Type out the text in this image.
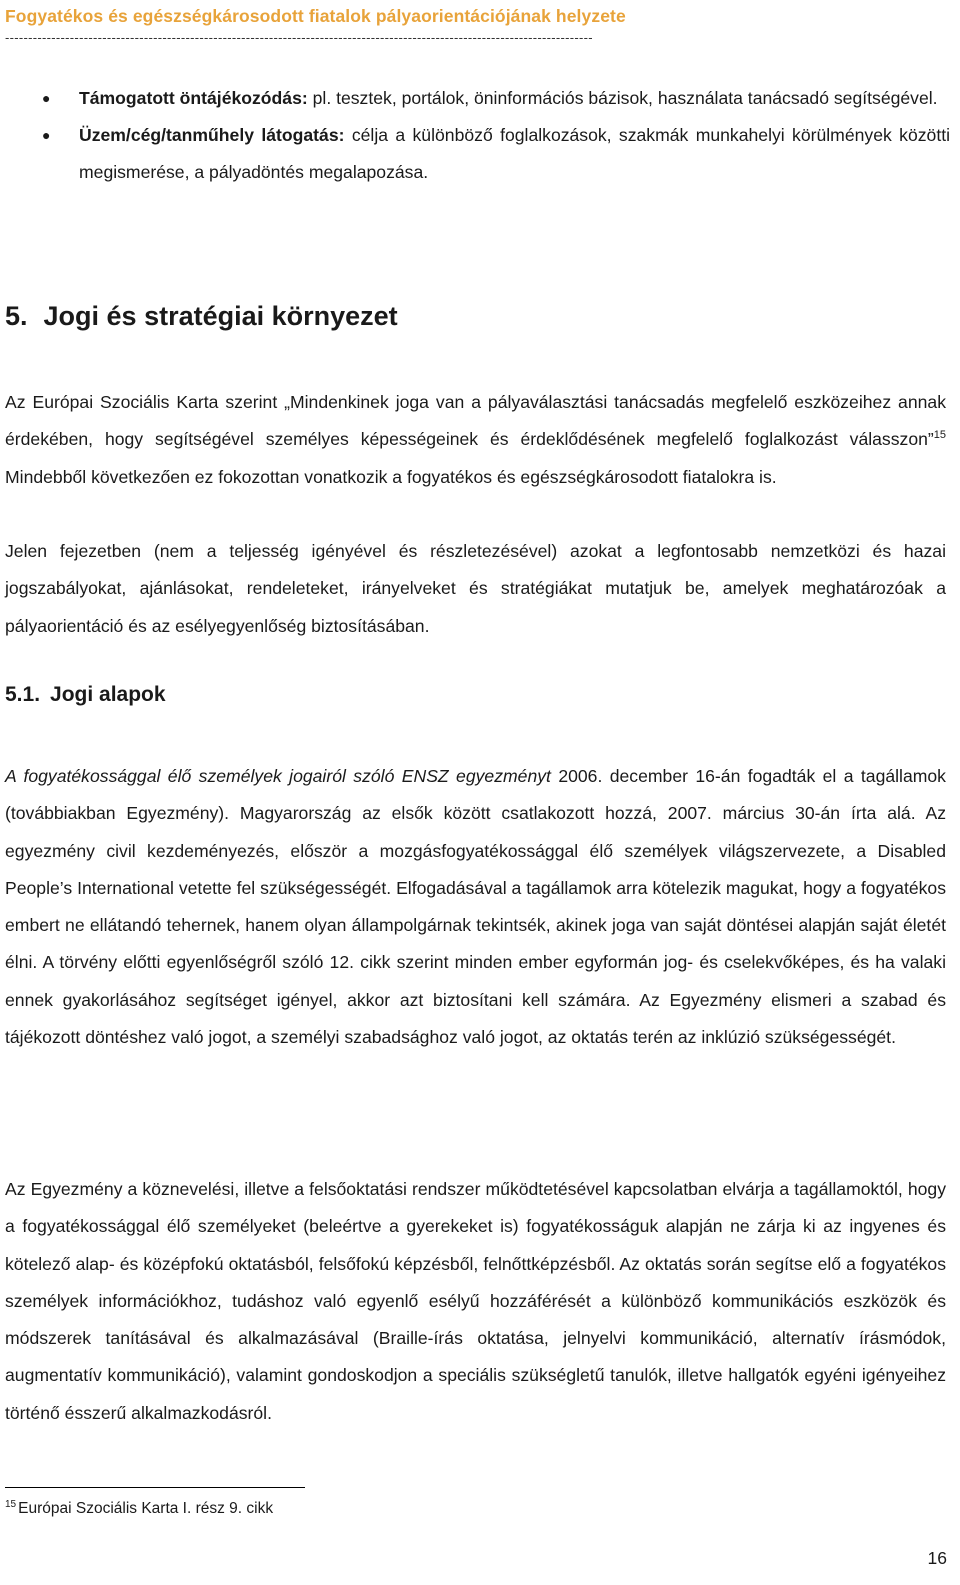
Fogyatékos és egészségkárosodott fiatalok pályaorientációjának helyzete
-------------------------------------------------------------------------------------------------------------------------------
● Támogatott öntájékozódás: pl. tesztek, portálok, öninformációs bázisok, használata tanácsadó segítségével.
● Üzem/cég/tanműhely látogatás: célja a különböző foglalkozások, szakmák munkahelyi körülmények közötti megismerése, a pályadöntés megalapozása.
5. Jogi és stratégiai környezet

Az Európai Szociális Karta szerint „Mindenkinek joga van a pályaválasztási tanácsadás megfelelő eszközeihez annak érdekében, hogy segítségével személyes képességeinek és érdeklődésének megfelelő foglalkozást válasszon”$^{15}$ Mindebből következően ez fokozottan vonatkozik a fogyatékos és egészségkárosodott fiatalokra is.

Jelen fejezetben (nem a teljesség igényével és részletezésével) azokat a legfontosabb nemzetközi és hazai jogszabályokat, ajánlásokat, rendeleteket, irányelveket és stratégiákat mutatjuk be, amelyek meghatározóak a pályaorientáció és az esélyegyenlőség biztosításában.

5.1. Jogi alapok

A fogyatékossággal élő személyek jogairól szóló ENSZ egyezményt 2006. december 16-án fogadták el a tagállamok (továbbiakban Egyezmény). Magyarország az elsők között csatlakozott hozzá, 2007. március 30-án írta alá. Az egyezmény civil kezdeményezés, először a mozgásfogyatékossággal élő személyek világszervezete, a Disabled People’s International vetette fel szükségességét. Elfogadásával a tagállamok arra kötelezik magukat, hogy a fogyatékos embert ne ellátandó tehernek, hanem olyan állampolgárnak tekintsék, akinek joga van saját döntései alapján saját életét élni. A törvény előtti egyenlőségről szóló 12. cikk szerint minden ember egyformán jog- és cselekvőképes, és ha valaki ennek gyakorlásához segítséget igényel, akkor azt biztosítani kell számára. Az Egyezmény elismeri a szabad és tájékozott döntéshez való jogot, a személyi szabadsághoz való jogot, az oktatás terén az inklúzió szükségességét.

Az Egyezmény a köznevelési, illetve a felsőoktatási rendszer működtetésével kapcsolatban elvárja a tagállamoktól, hogy a fogyatékossággal élő személyeket (beleértve a gyerekeket is) fogyatékosságuk alapján ne zárja ki az ingyenes és kötelező alap- és középfokú oktatásból, felsőfokú képzésből, felnőttképzésből. Az oktatás során segítse elő a fogyatékos személyek információkhoz, tudáshoz való egyenlő esélyű hozzáférését a különböző kommunikációs eszközök és módszerek tanításával és alkalmazásával (Braille-írás oktatása, jelnyelvi kommunikáció, alternatív írásmódok, augmentatív kommunikáció), valamint gondoskodjon a speciális szükségletű tanulók, illetve hallgatók egyéni igényeihez történő ésszerű alkalmazkodásról.

$^{15}$ Európai Szociális Karta I. rész 9. cikk
16
